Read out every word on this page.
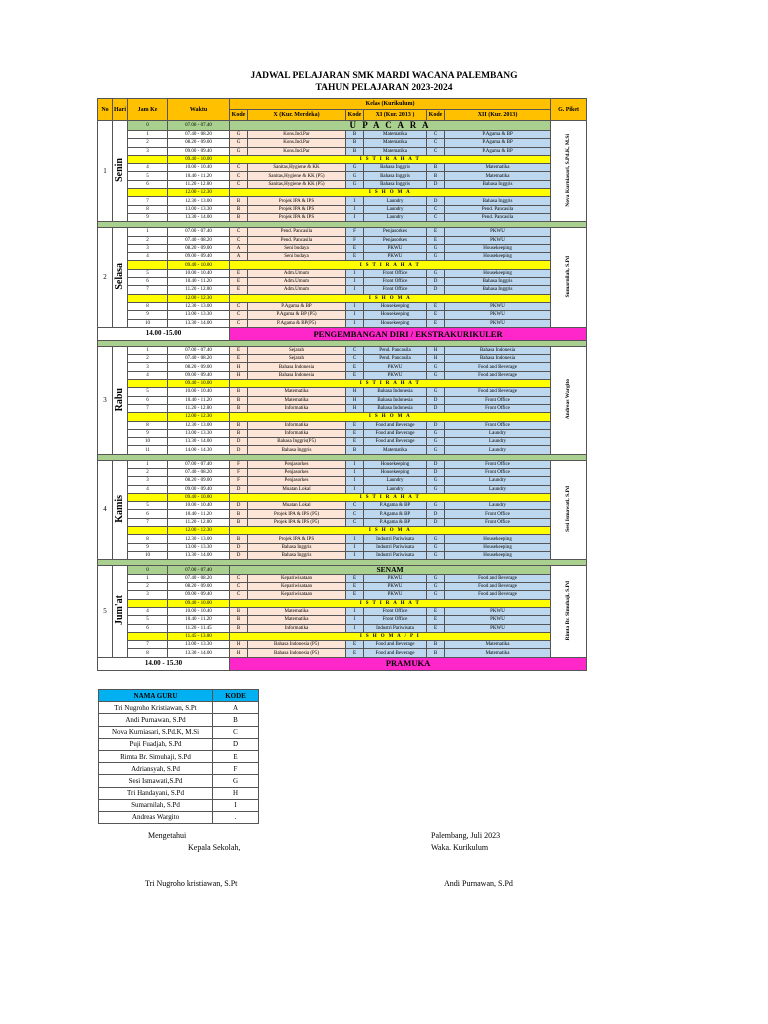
JADWAL PELAJARAN SMK MARDI WACANA PALEMBANG
TAHUN PELAJARAN 2023-2024
No	Hari	Jam Ke	Waktu	Kelas (Kurikulum)						G. Piket
				Kode	X (Kur. Merdeka)	Kode	XI (Kur. 2013 )	Kode	XII (Kur. 2013)	
1	Senin	0	07.00 - 07.40	U P A C A R A						Nova Kurniasari, S.Pd.K, M.Si
		1	07.40 - 08.20	G	Kons.Ind.Par	B	Matematika	C	P.Agama & BP	
		2	08.20 - 09.00	G	Kons.Ind.Par	B	Matematika	C	P.Agama & BP	
		3	09.00 - 09.40	G	Kons.Ind.Par	B	Matematika	C	P.Agama & BP	
			09.40 - 10.00	I S T I R A H A T						
		4	10.00 - 10.40	C	Sanitas,Hygiene & KK	G	Bahasa Inggris	B	Matematika	
		5	10.40 - 11.20	C	Sanitas,Hygiene & KK (P5)	G	Bahasa Inggris	B	Matematika	
		6	11.20 - 12.00	C	Sanitas,Hygiene & KK (P5)	G	Bahasa Inggris	D	Bahasa Inggris	
			12.00 - 12.30	I S H O M A						
		7	12.30 - 13.00	B	Projek IPA & IPS	I	Laundry	D	Bahasa Inggris	
		8	13.00 - 13.30	B	Projek IPA & IPS	I	Laundry	C	Pend. Pancasila	
		9	13.30 - 14.00	B	Projek IPA & IPS	I	Laundry	C	Pend. Pancasila	

2	Selasa	1	07.00 - 07.40	C	Pend. Pancasila	F	Penjasorkes	E	PKWU	Sumarnilah, S.Pd
		2	07.40 - 08.20	C	Pend. Pancasila	F	Penjasorkes	E	PKWU	
		3	08.20 - 09.00	A	Seni budaya	E	PKWU	G	Housekeeping	
		4	09.00 - 09.40	A	Seni budaya	E	PKWU	G	Housekeeping	
			09.40 - 10.00	I S T I R A H A T						
		5	10.00 - 10.40	E	Adm.Umum	I	Front Office	G	Housekeeping	
		6	10.40 - 11.20	E	Adm.Umum	I	Front Office	D	Bahasa Inggris	
		7	11.20 - 12.00	E	Adm.Umum	I	Front Office	D	Bahasa Inggris	
			12.00 - 12.30	I S H O M A						
		8	12.30 - 13.00	C	P.Agama & BP	I	Housekeeping	E	PKWU	
		9	13.00 - 13.30	C	P.Agama & BP (P5)	I	Housekeeping	E	PKWU	
		10	13.30 - 14.00	C	P.Agama & BP(P5)	I	Housekeeping	E	PKWU	
14.00 -15.00				PENGEMBANGAN DIRI / EKSTRAKURIKULER						

3	Rabu	1	07.00 - 07.40	E	Sejarah	C	Pend. Pancasila	H	Bahasa Indonesia	Andreas Wargito
		2	07.40 - 08.20	E	Sejarah	C	Pend. Pancasila	H	Bahasa Indonesia	
		3	08.20 - 09.00	H	Bahasa Indonesia	E	PKWU	G	Food and Beverage	
		4	09.00 - 09.40	H	Bahasa Indonesia	E	PKWU	G	Food and Beverage	
			09.40 - 10.00	I S T I R A H A T						
		5	10.00 - 10.40	B	Matematika	H	Bahasa Indonesia	G	Food and Beverage	
		6	10.40 - 11.20	B	Matematika	H	Bahasa Indonesia	D	Front Office	
		7	11.20 - 12.00	B	Informatika	H	Bahasa Indonesia	D	Front Office	
			12.00 - 12.30	I S H O M A						
		8	12.30 - 13.00	B	Informatika	E	Food and Beverage	D	Front Office	
		9	13.00 - 13.30	B	Informatika	E	Food and Beverage	G	Laundry	
		10	13.30 - 14.00	D	Bahasa Inggris(P5)	E	Food and Beverage	G	Laundry	
		11	14.00 - 14.30	D	Bahasa Inggris	B	Matematika	G	Laundry	

4	Kamis	1	07.00 - 07.40	F	Penjasorkes	I	Housekeeping	D	Front Office	Sesi Ismawati, S.Pd
		2	07.40 - 08.20	F	Penjasorkes	I	Housekeeping	D	Front Office	
		3	08.20 - 09.00	F	Penjasorkes	I	Laundry	G	Laundry	
		4	09.00 - 09.40	D	Muatan Lokal	I	Laundry	G	Laundry	
			09.40 - 10.00	I S T I R A H A T						
		5	10.00 - 10.40	D	Muatan Lokal	C	P.Agama & BP	G	Laundry	
		6	10.40 - 11.20	B	Projek IPA & IPS (P5)	C	P.Agama & BP	D	Front Office	
		7	11.20 - 12.00	B	Projek IPA & IPS (P5)	C	P.Agama & BP	D	Front Office	
			12.00 - 12.30	I S H O M A						
		8	12.30 - 13.00	B	Projek IPA & IPS	I	Industri Pariwisata	G	Housekeeping	
		9	13.00 - 13.30	D	Bahasa Inggris	I	Industri Pariwisata	G	Housekeeping	
		10	13.30 - 14.00	D	Bahasa Inggris	I	Industri Pariwisata	G	Housekeeping	

5	Jum'at	0	07.00 - 07.40	SENAM						Rimta Br. Simuhaji, S.Pd
		1	07.40 - 08.20	C	Kepariwisataan	E	PKWU	G	Food and Beverage	
		2	08.20 - 09.00	C	Kepariwisataan	E	PKWU	G	Food and Beverage	
		3	09.00 - 09.40	C	Kepariwisataan	E	PKWU	G	Food and Beverage	
			09.40 - 10.00	I S T I R A H A T						
		4	10.00 - 10.40	B	Matematika	I	Front Office	E	PKWU	
		5	10.40 - 11.20	B	Matematika	I	Front Office	E	PKWU	
		6	11.20 - 11.45	B	Informatika	I	Industri Pariwisata	E	PKWU	
			11.45 - 13.00	I S H O M A / P I						
		7	13.00 - 13.30	H	Bahasa Indonesia (P5)	E	Food and Beverage	B	Matematika	
		8	13.30 - 14.00	H	Bahasa Indonesia (P5)	E	Food and Beverage	B	Matematika	
14.00 - 15.30				PRAMUKA						
NAMA GURU	KODE
Tri Nugroho Kristiawan, S.Pt	A
Andi Purnawan, S.Pd	B
Nova Kurniasari, S.Pd.K, M.Si	C
Puji Fuadjah, S.Pd	D
Rimta Br. Simuhaji, S.Pd	E
Adriansyah, S.Pd	F
Sesi Ismawati,S.Pd	G
Tri Handayani, S.Pd	H
Sumarnilah, S.Pd	I
Andreas Wargito	.
Mengetahui
Kepala Sekolah,
Tri Nugroho kristiawan, S.Pt
Palembang, Juli 2023
Waka. Kurikulum
Andi Purnawan, S.Pd
